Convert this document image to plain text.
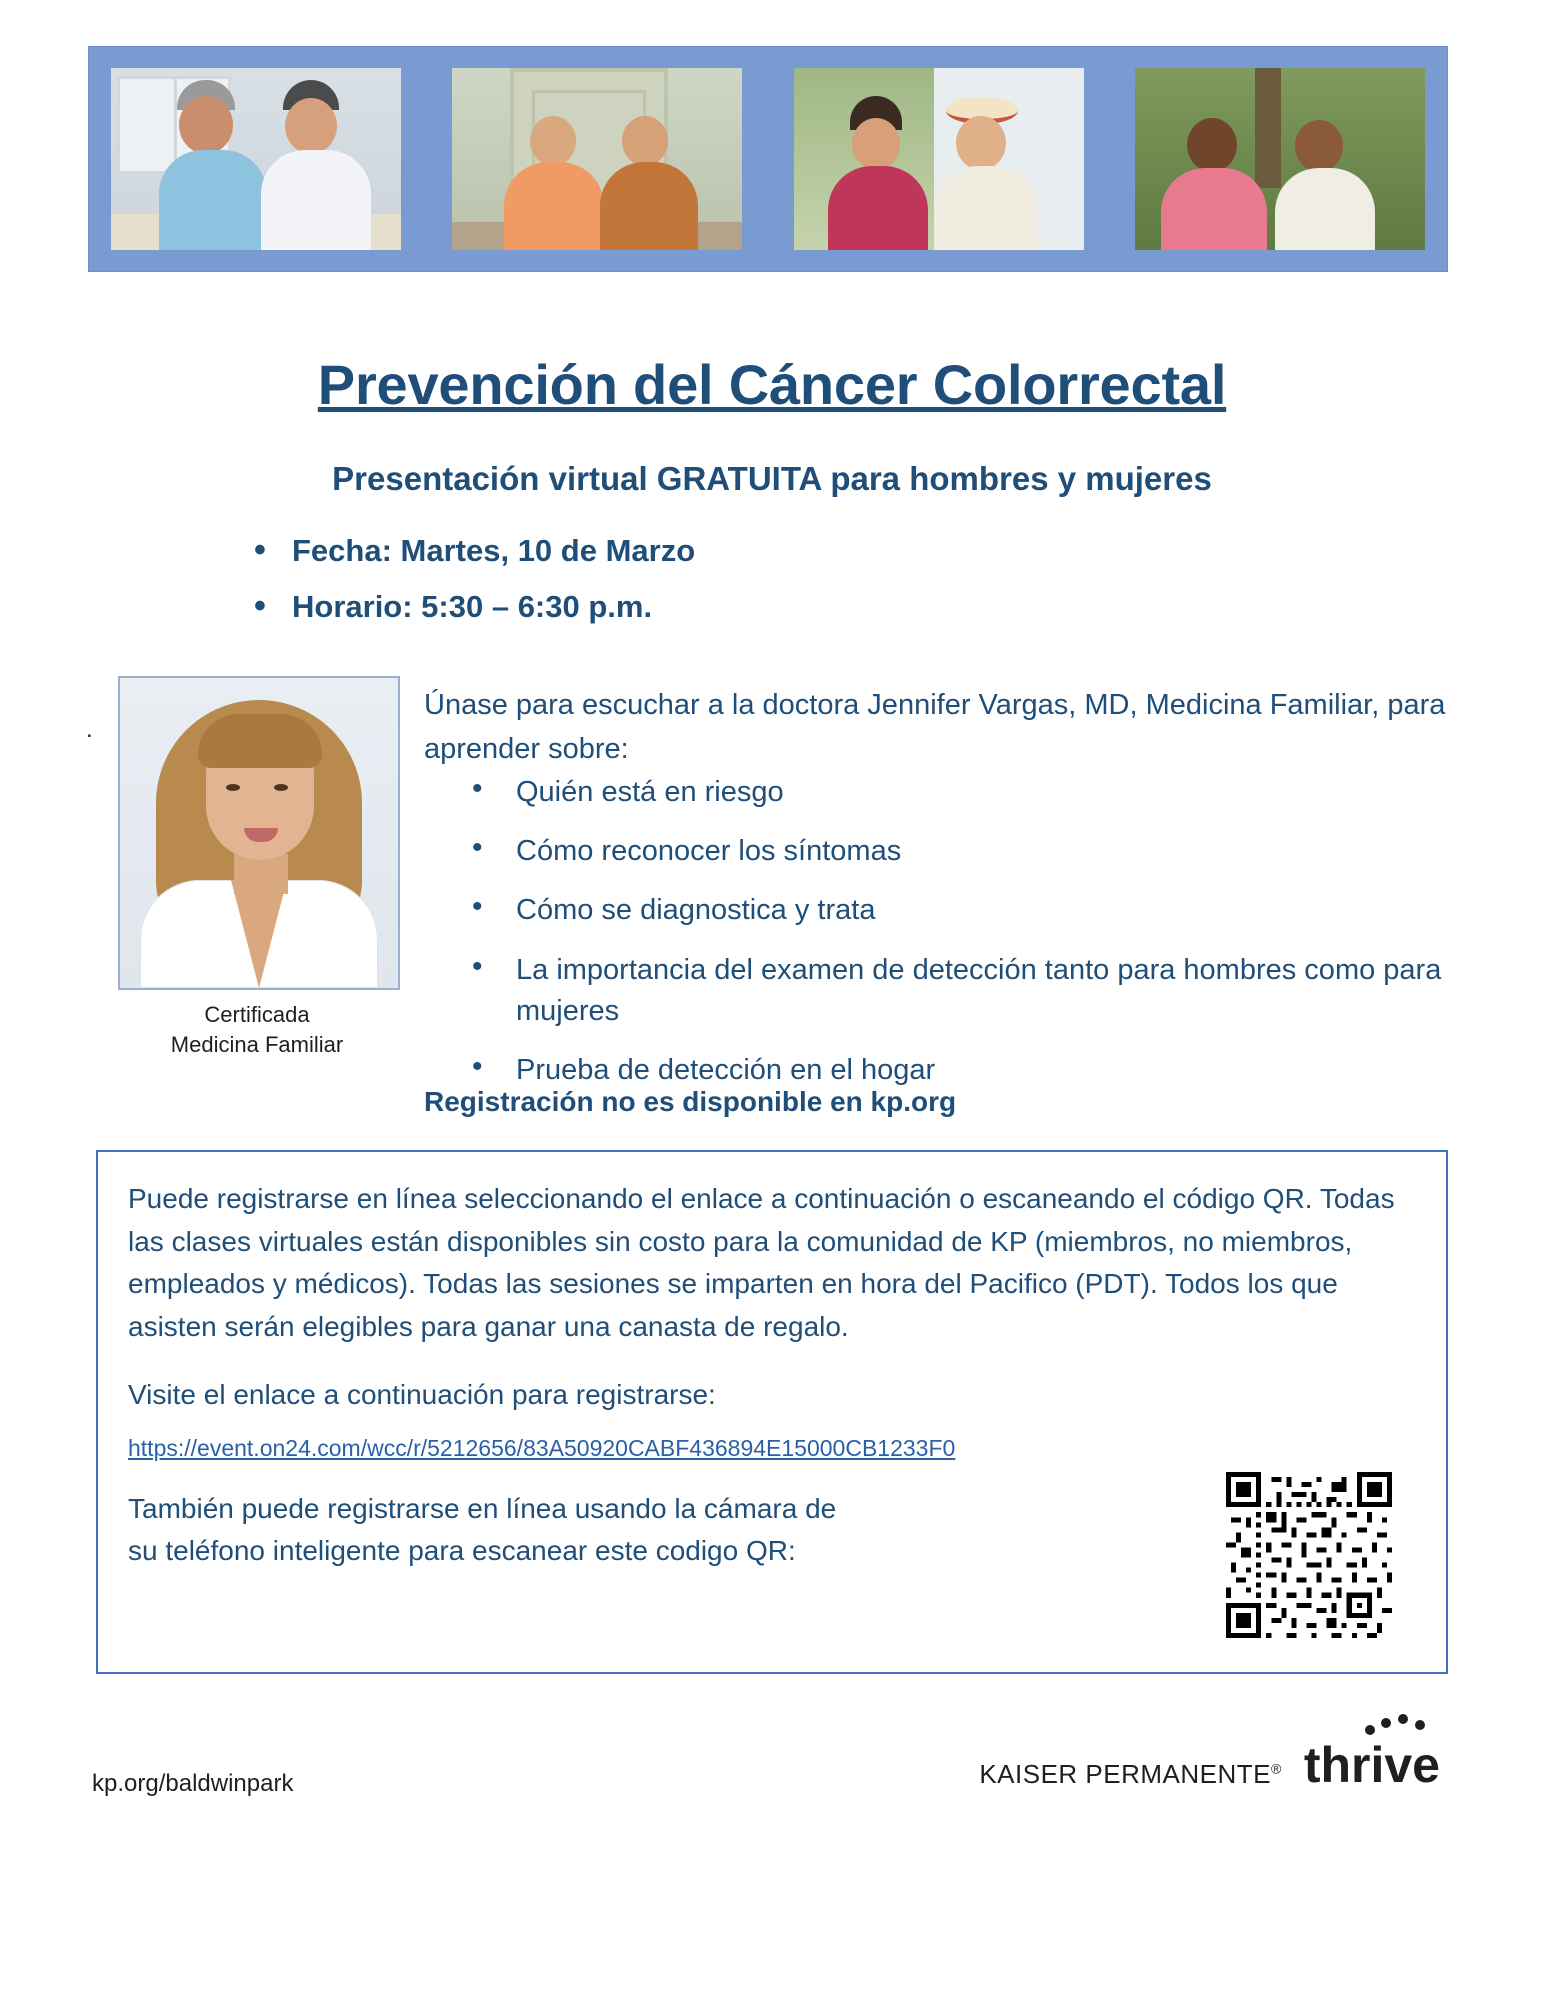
Prevención del Cáncer Colorrectal
Presentación virtual GRATUITA para hombres y mujeres
• Fecha: Martes, 10 de Marzo
• Horario: 5:30 – 6:30 p.m.
.
Certificada
Medicina Familiar
Únase para escuchar a la doctora Jennifer Vargas, MD, Medicina Familiar, para aprender sobre:
• Quién está en riesgo
• Cómo reconocer los síntomas
• Cómo se diagnostica y trata
• La importancia del examen de detección tanto para hombres como para mujeres
• Prueba de detección en el hogar
Registración no es disponible en kp.org

Puede registrarse en línea seleccionando el enlace a continuación o escaneando el código QR. Todas las clases virtuales están disponibles sin costo para la comunidad de KP (miembros, no miembros, empleados y médicos). Todas las sesiones se imparten en hora del Pacifico (PDT). Todos los que asisten serán elegibles para ganar una canasta de regalo.

Visite el enlace a continuación para registrarse:

https://event.on24.com/wcc/r/5212656/83A50920CABF436894E15000CB1233F0

También puede registrarse en línea usando la cámara de
su teléfono inteligente para escanear este codigo QR:

kp.org/baldwinpark	KAISER PERMANENTE® thrive
